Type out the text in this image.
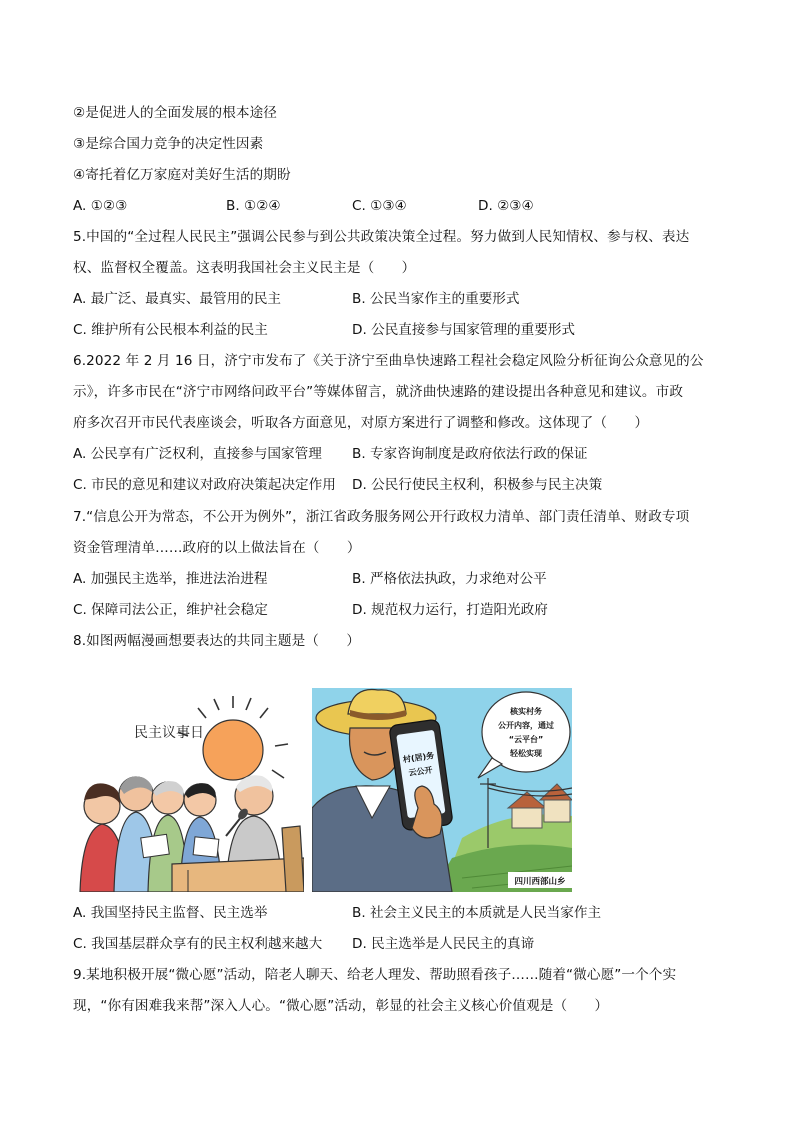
②是促进人的全面发展的根本途径
③是综合国力竞争的决定性因素
④寄托着亿万家庭对美好生活的期盼
A. ①②③	B. ①②④	C. ①③④	D. ②③④
5.中国的“全过程人民民主”强调公民参与到公共政策决策全过程。努力做到人民知情权、参与权、表达
权、监督权全覆盖。这表明我国社会主义民主是（　　）
A. 最广泛、最真实、最管用的民主	B. 公民当家作主的重要形式
C. 维护所有公民根本利益的民主	D. 公民直接参与国家管理的重要形式
6.2022 年 2 月 16 日，济宁市发布了《关于济宁至曲阜快速路工程社会稳定风险分析征询公众意见的公
示》，许多市民在“济宁市网络问政平台”等媒体留言，就济曲快速路的建设提出各种意见和建议。市政
府多次召开市民代表座谈会，听取各方面意见，对原方案进行了调整和修改。这体现了（　　）
A. 公民享有广泛权利，直接参与国家管理 B. 专家咨询制度是政府依法行政的保证
C. 市民的意见和建议对政府决策起决定作用 D. 公民行使民主权利，积极参与民主决策
7.“信息公开为常态，不公开为例外”，浙江省政务服务网公开行政权力清单、部门责任清单、财政专项
资金管理清单……政府的以上做法旨在（　　）
A. 加强民主选举，推进法治进程	B. 严格依法执政，力求绝对公平
C. 保障司法公正，维护社会稳定	D. 规范权力运行，打造阳光政府
8.如图两幅漫画想要表达的共同主题是（　　）
民主议事日
村(居)务
云公开
核实村务
公开内容，通过
“云平台”
轻松实现
四川西部山乡
A. 我国坚持民主监督、民主选举	B. 社会主义民主的本质就是人民当家作主
C. 我国基层群众享有的民主权利越来越大 D. 民主选举是人民民主的真谛
9.某地积极开展“微心愿”活动，陪老人聊天、给老人理发、帮助照看孩子……随着“微心愿”一个个实
现，“你有困难我来帮”深入人心。“微心愿”活动，彰显的社会主义核心价值观是（　　）
